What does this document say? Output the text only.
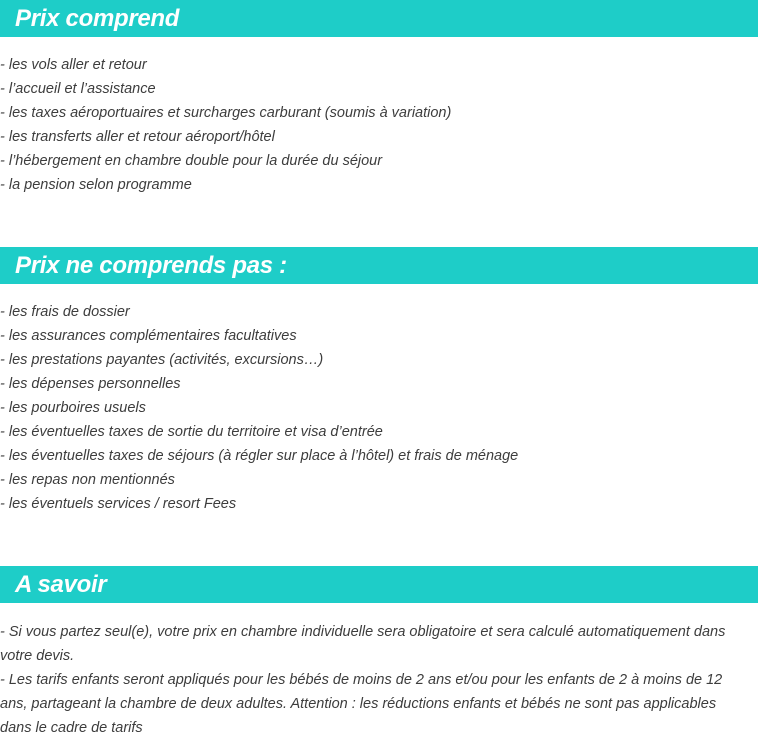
Prix comprend
- les vols aller et retour
- l’accueil et l’assistance
- les taxes aéroportuaires et surcharges carburant (soumis à variation)
- les transferts aller et retour aéroport/hôtel
- l’hébergement en chambre double pour la durée du séjour
- la pension selon programme
Prix ne comprends pas :
- les frais de dossier
- les assurances complémentaires facultatives
- les prestations payantes (activités, excursions…)
- les dépenses personnelles
- les pourboires usuels
- les éventuelles taxes de sortie du territoire et visa d’entrée
- les éventuelles taxes de séjours (à régler sur place à l’hôtel) et frais de ménage
- les repas non mentionnés
- les éventuels services / resort Fees
A savoir

- Si vous partez seul(e), votre prix en chambre individuelle sera obligatoire et sera calculé automatiquement dans votre devis.

- Les tarifs enfants seront appliqués pour les bébés de moins de 2 ans et/ou pour les enfants de 2 à moins de 12 ans, partageant la chambre de deux adultes. Attention : les réductions enfants et bébés ne sont pas applicables dans le cadre de tarifs
